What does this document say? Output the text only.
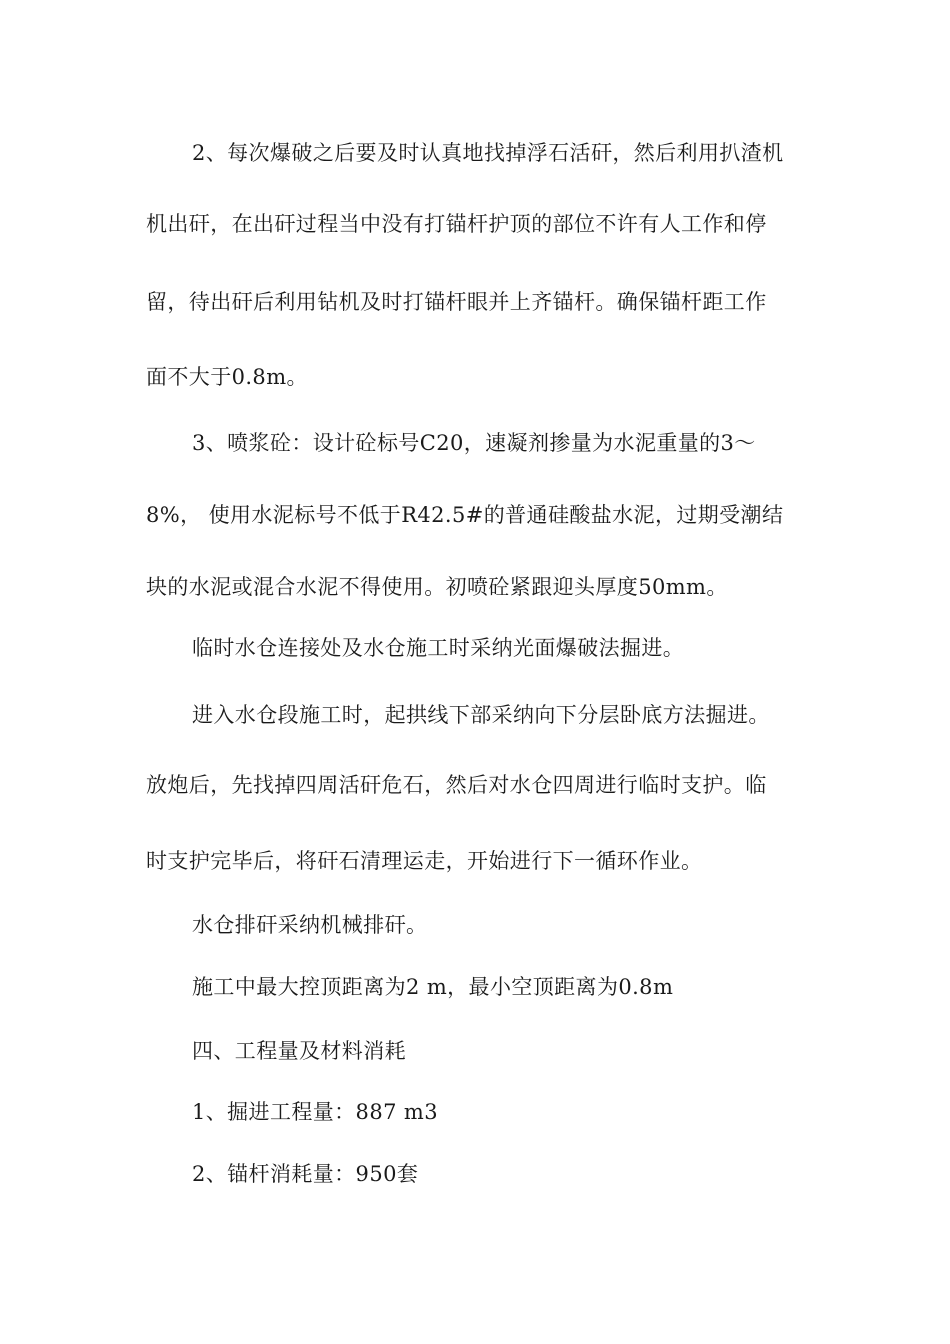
2、每次爆破之后要及时认真地找掉浮石活矸，然后利用扒渣机
机出矸，在出矸过程当中没有打锚杆护顶的部位不许有人工作和停
留，待出矸后利用钻机及时打锚杆眼并上齐锚杆。确保锚杆距工作
面不大于0.8m。
3、喷浆砼：设计砼标号C20，速凝剂掺量为水泥重量的3～
8%， 使用水泥标号不低于R42.5#的普通硅酸盐水泥，过期受潮结
块的水泥或混合水泥不得使用。初喷砼紧跟迎头厚度50mm。
临时水仓连接处及水仓施工时采纳光面爆破法掘进。
进入水仓段施工时，起拱线下部采纳向下分层卧底方法掘进。
放炮后，先找掉四周活矸危石，然后对水仓四周进行临时支护。临
时支护完毕后，将矸石清理运走，开始进行下一循环作业。
水仓排矸采纳机械排矸。
施工中最大控顶距离为2 m，最小空顶距离为0.8m
四、工程量及材料消耗
1、掘进工程量：887 m3
2、锚杆消耗量：950套
